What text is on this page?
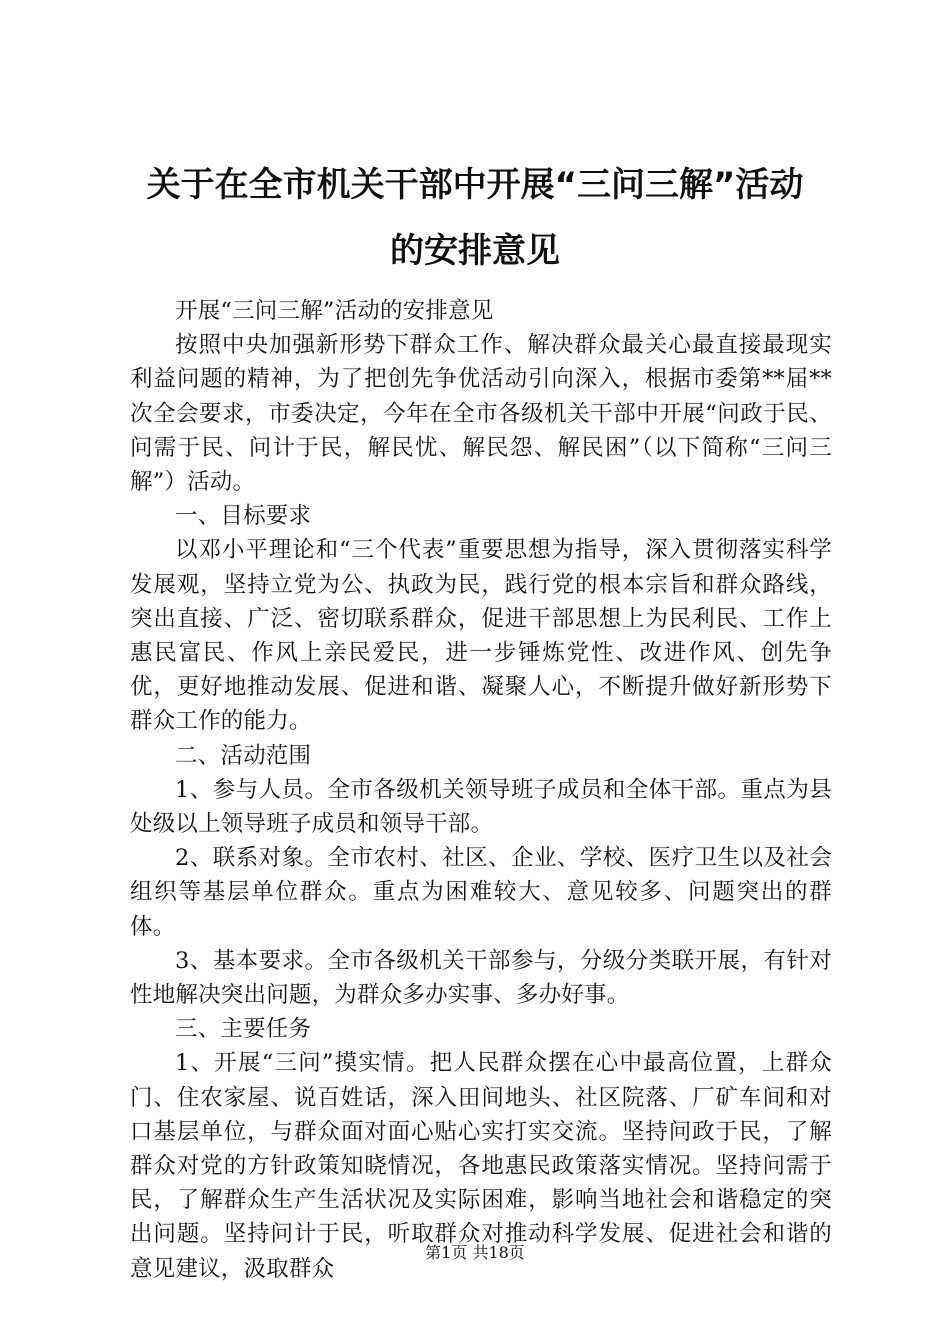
关于在全市机关干部中开展“三问三解”活动
的安排意见

开展“三问三解”活动的安排意见

按照中央加强新形势下群众工作、解决群众最关心最直接最现实利益问题的精神，为了把创先争优活动引向深入，根据市委第**届**次全会要求，市委决定，今年在全市各级机关干部中开展“问政于民、问需于民、问计于民，解民忧、解民怨、解民困”（以下简称“三问三解”）活动。

一、目标要求

以邓小平理论和“三个代表”重要思想为指导，深入贯彻落实科学发展观，坚持立党为公、执政为民，践行党的根本宗旨和群众路线，突出直接、广泛、密切联系群众，促进干部思想上为民利民、工作上惠民富民、作风上亲民爱民，进一步锤炼党性、改进作风、创先争优，更好地推动发展、促进和谐、凝聚人心，不断提升做好新形势下群众工作的能力。

二、活动范围

1、参与人员。全市各级机关领导班子成员和全体干部。重点为县处级以上领导班子成员和领导干部。

2、联系对象。全市农村、社区、企业、学校、医疗卫生以及社会组织等基层单位群众。重点为困难较大、意见较多、问题突出的群体。

3、基本要求。全市各级机关干部参与，分级分类联开展，有针对性地解决突出问题，为群众多办实事、多办好事。

三、主要任务

1、开展“三问”摸实情。把人民群众摆在心中最高位置，上群众门、住农家屋、说百姓话，深入田间地头、社区院落、厂矿车间和对口基层单位，与群众面对面心贴心实打实交流。坚持问政于民，了解群众对党的方针政策知晓情况，各地惠民政策落实情况。坚持问需于民，了解群众生产生活状况及实际困难，影响当地社会和谐稳定的突出问题。坚持问计于民，听取群众对推动科学发展、促进社会和谐的意见建议，汲取群众

第1页 共18页
